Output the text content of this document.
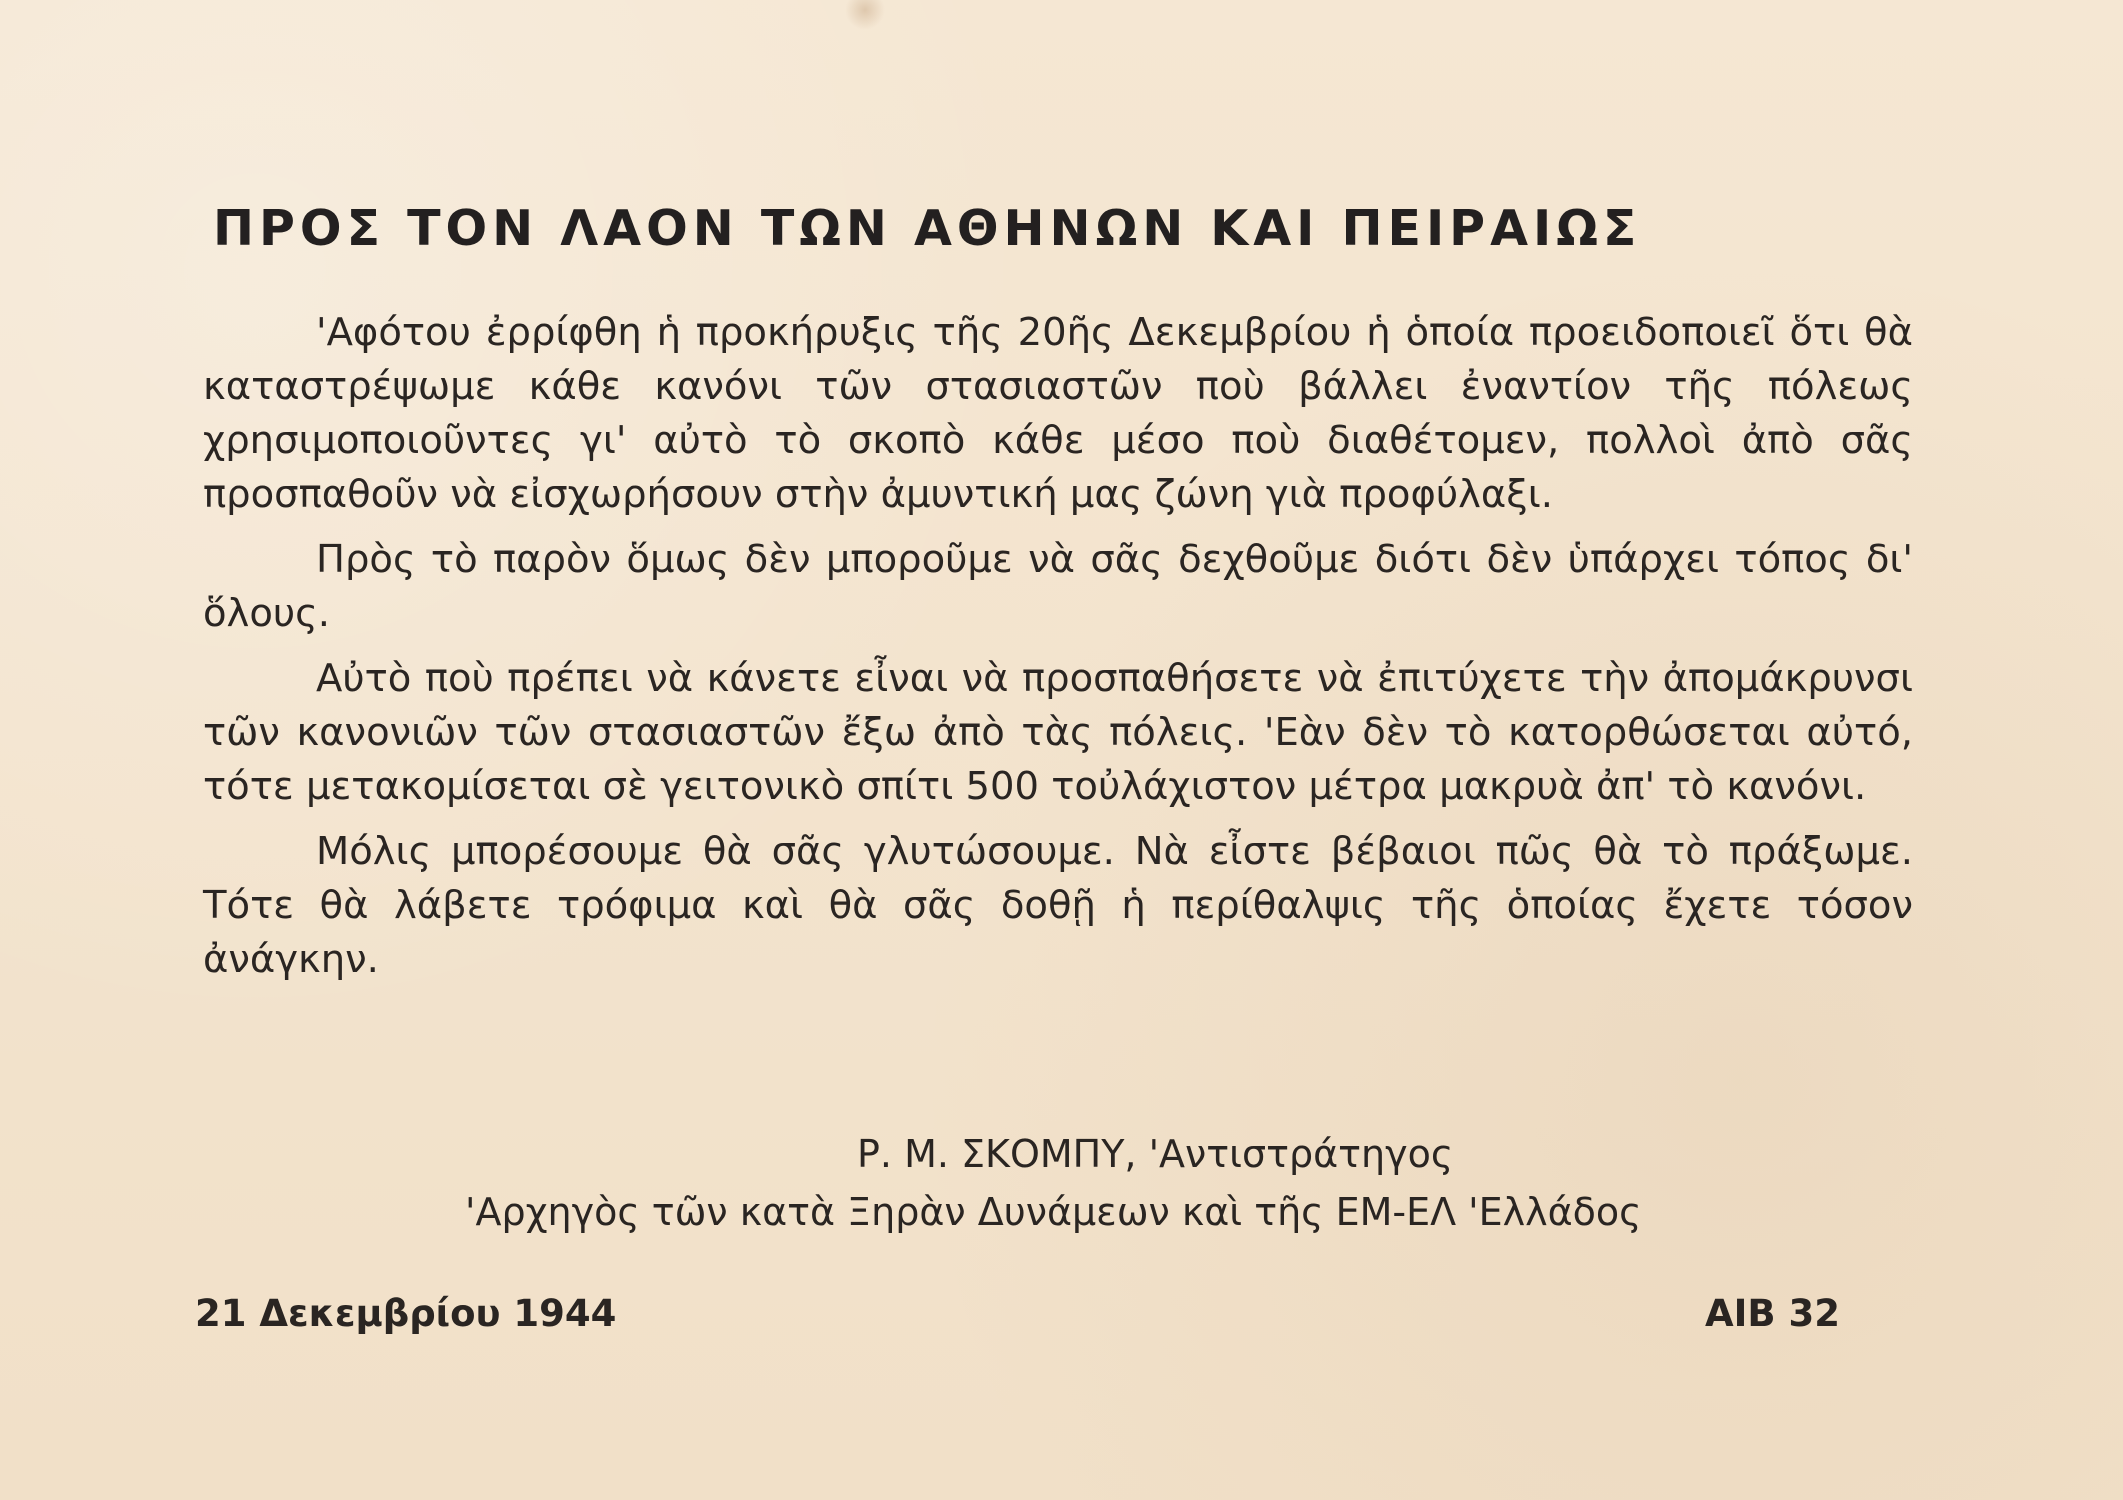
ΠΡΟΣ ΤΟΝ ΛΑΟΝ ΤΩΝ ΑΘΗΝΩΝ ΚΑΙ ΠΕΙΡΑΙΩΣ

'Αφότου ἐρρίφθη ἡ προκήρυξις τῆς 20ῆς Δεκεμβρίου ἡ ὁποία προειδοποιεῖ ὅτι θὰ καταστρέψωμε κάθε κανόνι τῶν στασιαστῶν ποὺ βάλλει ἐναντίον τῆς πόλεως χρησιμοποιοῦντες γι' αὐτὸ τὸ σκοπὸ κάθε μέσο ποὺ διαθέτομεν, πολλοὶ ἀπὸ σᾶς προσπαθοῦν νὰ εἰσχωρήσουν στὴν ἀμυντική μας ζώνη γιὰ προφύλαξι.

Πρὸς τὸ παρὸν ὅμως δὲν μποροῦμε νὰ σᾶς δεχθοῦμε διότι δὲν ὑπάρχει τόπος δι' ὅλους.

Αὐτὸ ποὺ πρέπει νὰ κάνετε εἶναι νὰ προσπαθήσετε νὰ ἐπιτύχετε τὴν ἀπομάκρυνσι τῶν κανονιῶν τῶν στασιαστῶν ἔξω ἀπὸ τὰς πόλεις. 'Εὰν δὲν τὸ κατορθώσεται αὐτό, τότε μετακομίσεται σὲ γειτονικὸ σπίτι 500 τοὐλάχιστον μέτρα μακρυὰ ἀπ' τὸ κανόνι.

Μόλις μπορέσουμε θὰ σᾶς γλυτώσουμε. Νὰ εἶστε βέβαιοι πῶς θὰ τὸ πράξωμε. Τότε θὰ λάβετε τρόφιμα καὶ θὰ σᾶς δοθῇ ἡ περίθαλψις τῆς ὁποίας ἔχετε τόσον ἀνάγκην.

Ρ. Μ. ΣΚΟΜΠΥ, 'Αντιστράτηγος
'Αρχηγὸς τῶν κατὰ Ξηρὰν Δυνάμεων καὶ τῆς ΕΜ-ΕΛ 'Ελλάδος
21 Δεκεμβρίου 1944	ΑΙΒ 32
